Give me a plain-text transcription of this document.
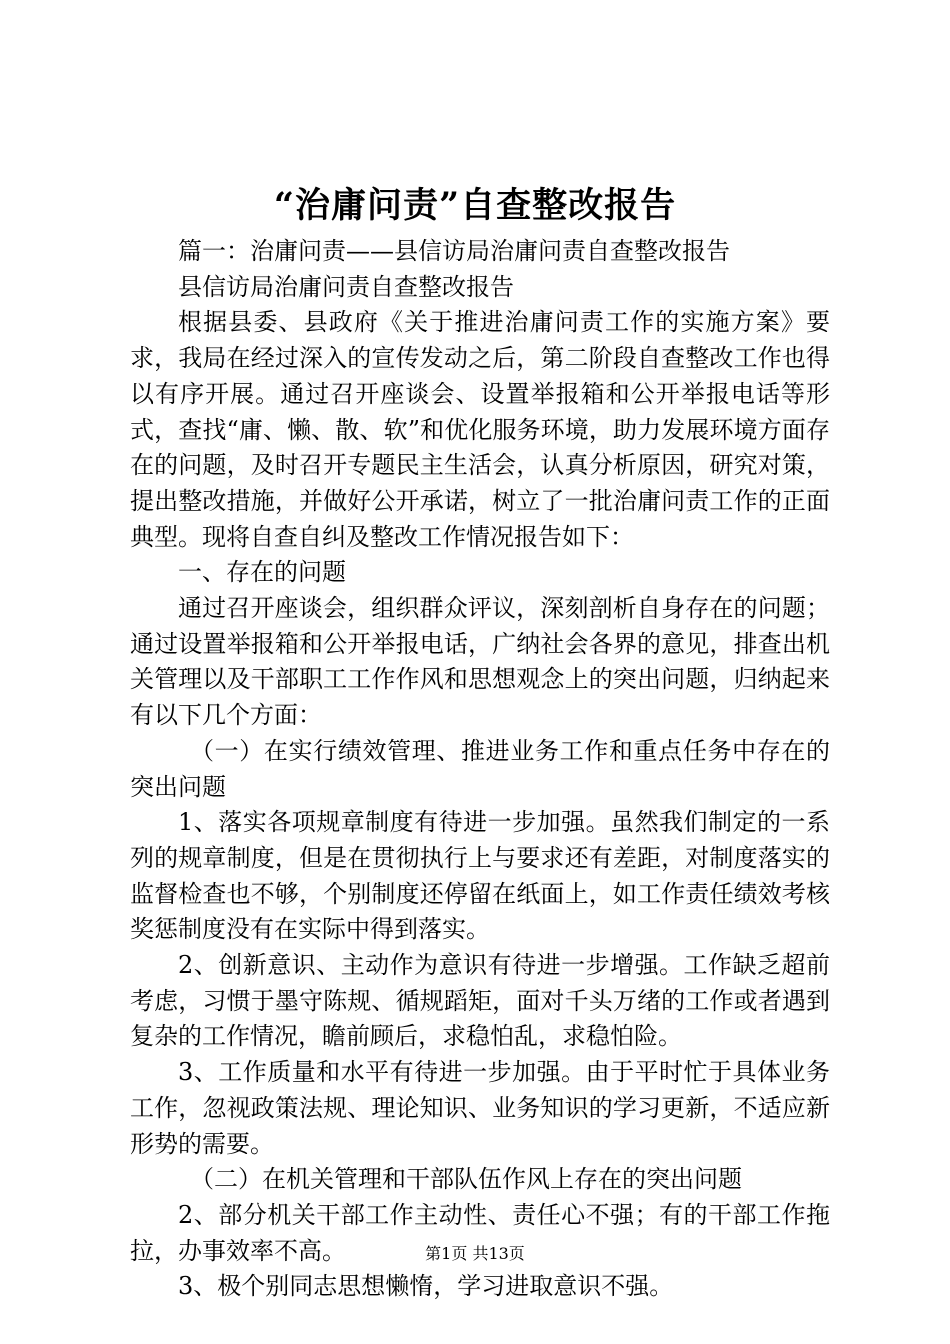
“治庸问责”自查整改报告

篇一：治庸问责——县信访局治庸问责自查整改报告

县信访局治庸问责自查整改报告

根据县委、县政府《关于推进治庸问责工作的实施方案》要求，我局在经过深入的宣传发动之后，第二阶段自查整改工作也得以有序开展。通过召开座谈会、设置举报箱和公开举报电话等形式，查找“庸、懒、散、软”和优化服务环境，助力发展环境方面存在的问题，及时召开专题民主生活会，认真分析原因，研究对策，提出整改措施，并做好公开承诺，树立了一批治庸问责工作的正面典型。现将自查自纠及整改工作情况报告如下：

一、存在的问题

通过召开座谈会，组织群众评议，深刻剖析自身存在的问题；通过设置举报箱和公开举报电话，广纳社会各界的意见，排查出机关管理以及干部职工工作作风和思想观念上的突出问题，归纳起来有以下几个方面：

（一）在实行绩效管理、推进业务工作和重点任务中存在的突出问题

1、落实各项规章制度有待进一步加强。虽然我们制定的一系列的规章制度，但是在贯彻执行上与要求还有差距，对制度落实的监督检查也不够，个别制度还停留在纸面上，如工作责任绩效考核奖惩制度没有在实际中得到落实。

2、创新意识、主动作为意识有待进一步增强。工作缺乏超前考虑，习惯于墨守陈规、循规蹈矩，面对千头万绪的工作或者遇到复杂的工作情况，瞻前顾后，求稳怕乱，求稳怕险。

3、工作质量和水平有待进一步加强。由于平时忙于具体业务工作，忽视政策法规、理论知识、业务知识的学习更新，不适应新形势的需要。

（二）在机关管理和干部队伍作风上存在的突出问题

2、部分机关干部工作主动性、责任心不强；有的干部工作拖拉，办事效率不高。

3、极个别同志思想懒惰，学习进取意识不强。

第1页 共13页
